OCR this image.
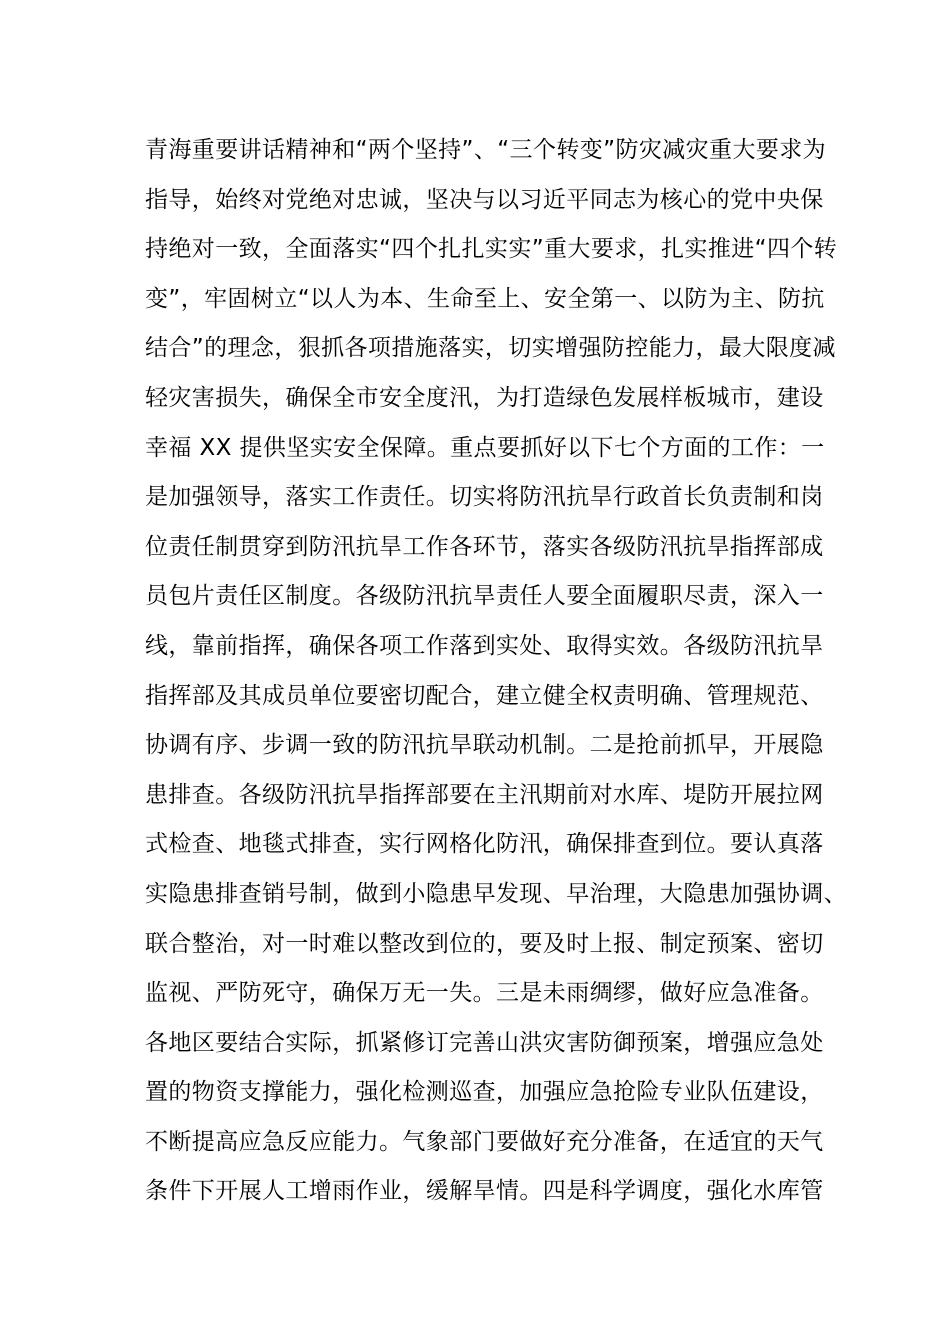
青海重要讲话精神和“两个坚持”、“三个转变”防灾减灾重大要求为
指导，始终对党绝对忠诚，坚决与以习近平同志为核心的党中央保
持绝对一致，全面落实“四个扎扎实实”重大要求，扎实推进“四个转
变”，牢固树立“以人为本、生命至上、安全第一、以防为主、防抗
结合”的理念，狠抓各项措施落实，切实增强防控能力，最大限度减
轻灾害损失，确保全市安全度汛，为打造绿色发展样板城市，建设
幸福 XX 提供坚实安全保障。重点要抓好以下七个方面的工作：一
是加强领导，落实工作责任。切实将防汛抗旱行政首长负责制和岗
位责任制贯穿到防汛抗旱工作各环节，落实各级防汛抗旱指挥部成
员包片责任区制度。各级防汛抗旱责任人要全面履职尽责，深入一
线，靠前指挥，确保各项工作落到实处、取得实效。各级防汛抗旱
指挥部及其成员单位要密切配合，建立健全权责明确、管理规范、
协调有序、步调一致的防汛抗旱联动机制。二是抢前抓早，开展隐
患排查。各级防汛抗旱指挥部要在主汛期前对水库、堤防开展拉网
式检查、地毯式排查，实行网格化防汛，确保排查到位。要认真落
实隐患排查销号制，做到小隐患早发现、早治理，大隐患加强协调、
联合整治，对一时难以整改到位的，要及时上报、制定预案、密切
监视、严防死守，确保万无一失。三是未雨绸缪，做好应急准备。
各地区要结合实际，抓紧修订完善山洪灾害防御预案，增强应急处
置的物资支撑能力，强化检测巡查，加强应急抢险专业队伍建设，
不断提高应急反应能力。气象部门要做好充分准备，在适宜的天气
条件下开展人工增雨作业，缓解旱情。四是科学调度，强化水库管
